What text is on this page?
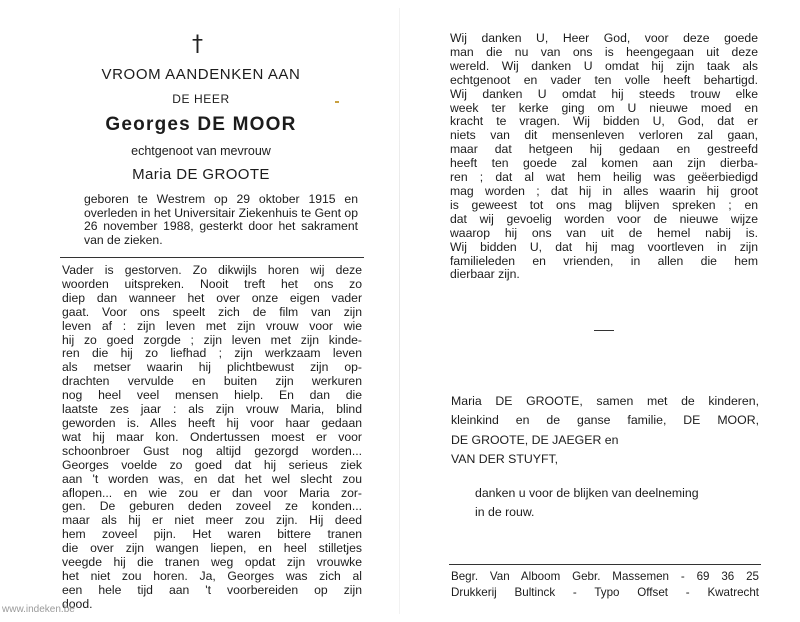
†
VROOM AANDENKEN AAN
DE HEER
Georges DE MOOR
echtgenoot van mevrouw
Maria DE GROOTE
geboren te Westrem op 29 oktober 1915 en overleden in het Universitair Ziekenhuis te Gent op 26 november 1988, gesterkt door het sakrament van de zieken.
Vader is gestorven. Zo dikwijls horen wij deze
woorden uitspreken. Nooit treft het ons zo
diep dan wanneer het over onze eigen vader
gaat. Voor ons speelt zich de film van zijn
leven af : zijn leven met zijn vrouw voor wie
hij zo goed zorgde ; zijn leven met zijn kinde-
ren die hij zo liefhad ; zijn werkzaam leven
als metser waarin hij plichtbewust zijn op-
drachten vervulde en buiten zijn werkuren
nog heel veel mensen hielp. En dan die
laatste zes jaar : als zijn vrouw Maria, blind
geworden is. Alles heeft hij voor haar gedaan
wat hij maar kon. Ondertussen moest er voor
schoonbroer Gust nog altijd gezorgd worden...
Georges voelde zo goed dat hij serieus ziek
aan 't worden was, en dat het wel slecht zou
aflopen... en wie zou er dan voor Maria zor-
gen. De geburen deden zoveel ze konden...
maar als hij er niet meer zou zijn. Hij deed
hem zoveel pijn. Het waren bittere tranen
die over zijn wangen liepen, en heel stilletjes
veegde hij die tranen weg opdat zijn vrouwke
het niet zou horen. Ja, Georges was zich al
een hele tijd aan 't voorbereiden op zijn
dood.
www.indeken.be
Wij danken U, Heer God, voor deze goede
man die nu van ons is heengegaan uit deze
wereld. Wij danken U omdat hij zijn taak als
echtgenoot en vader ten volle heeft behartigd.
Wij danken U omdat hij steeds trouw elke
week ter kerke ging om U nieuwe moed en
kracht te vragen. Wij bidden U, God, dat er
niets van dit mensenleven verloren zal gaan,
maar dat hetgeen hij gedaan en gestreefd
heeft ten goede zal komen aan zijn dierba-
ren ; dat al wat hem heilig was geëerbiedigd
mag worden ; dat hij in alles waarin hij groot
is geweest tot ons mag blijven spreken ; en
dat wij gevoelig worden voor de nieuwe wijze
waarop hij ons van uit de hemel nabij is.
Wij bidden U, dat hij mag voortleven in zijn
familieleden en vrienden, in allen die hem
dierbaar zijn.
Maria DE GROOTE, samen met de kinderen,
kleinkind en de ganse familie, DE MOOR,
DE GROOTE, DE JAEGER en
VAN DER STUYFT,
danken u voor de blijken van deelneming
in de rouw.
Begr. Van Alboom Gebr. Massemen - 69 36 25
Drukkerij Bultinck - Typo Offset - Kwatrecht
